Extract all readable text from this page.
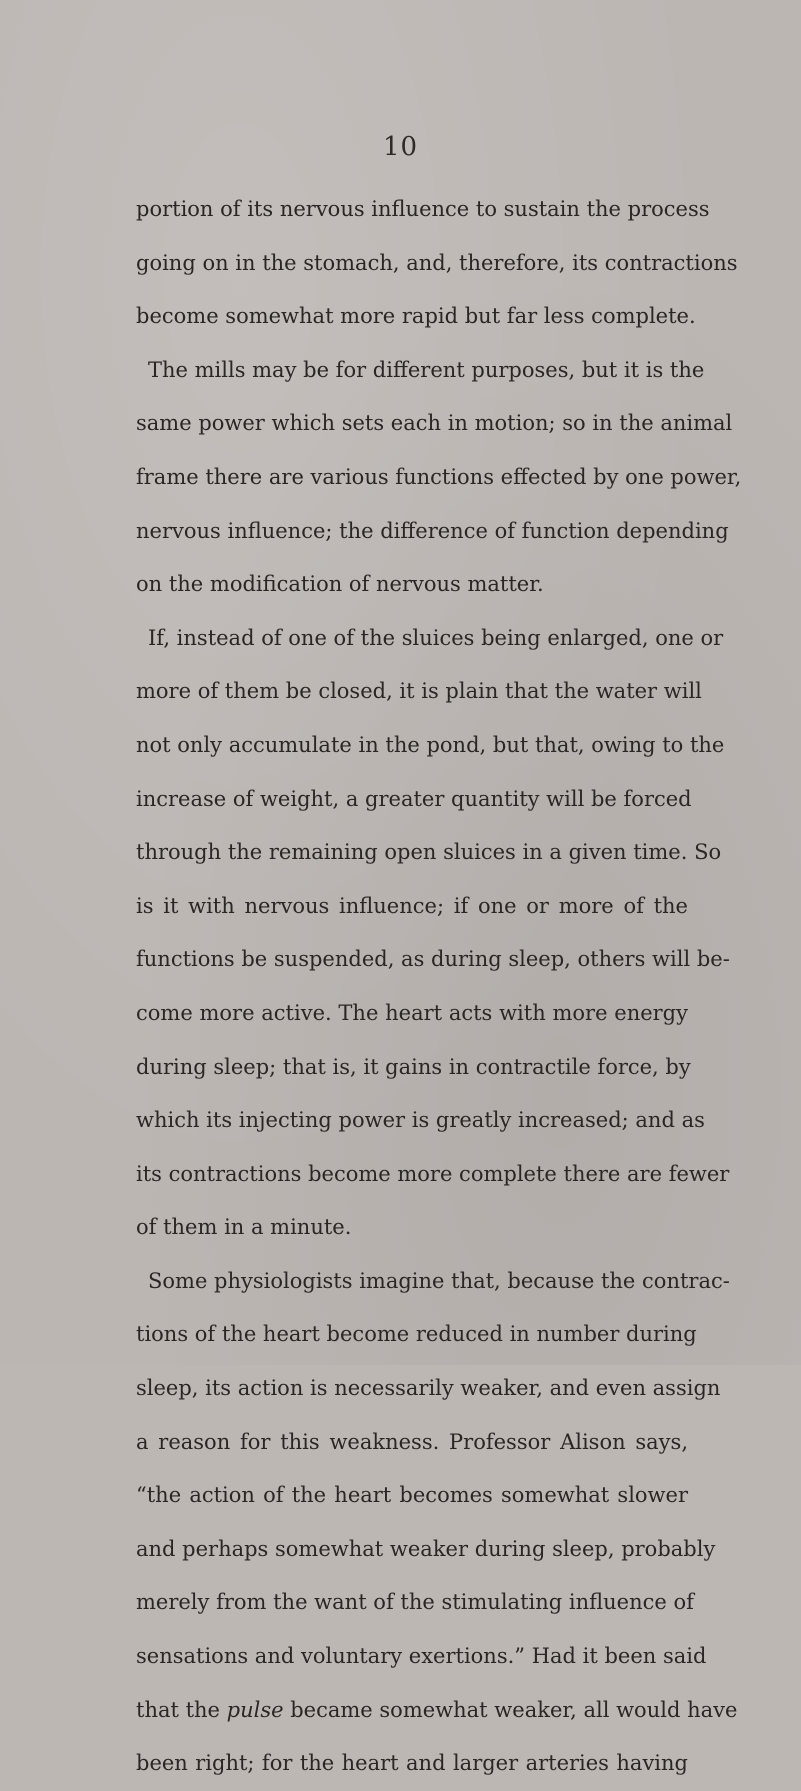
10
portion of its nervous influence to sustain the process
going on in the stomach, and, therefore, its contractions
become somewhat more rapid but far less complete.
The mills may be for different purposes, but it is the
same power which sets each in motion; so in the animal
frame there are various functions effected by one power,
nervous influence; the difference of function depending
on the modification of nervous matter.
If, instead of one of the sluices being enlarged, one or
more of them be closed, it is plain that the water will
not only accumulate in the pond, but that, owing to the
increase of weight, a greater quantity will be forced
through the remaining open sluices in a given time. So
is it with nervous influence; if one or more of the
functions be suspended, as during sleep, others will be-
come more active. The heart acts with more energy
during sleep; that is, it gains in contractile force, by
which its injecting power is greatly increased; and as
its contractions become more complete there are fewer
of them in a minute.
Some physiologists imagine that, because the contrac-
tions of the heart become reduced in number during
sleep, its action is necessarily weaker, and even assign
a reason for this weakness. Professor Alison says,
“the action of the heart becomes somewhat slower
and perhaps somewhat weaker during sleep, probably
merely from the want of the stimulating influence of
sensations and voluntary exertions.” Had it been said
that the pulse became somewhat weaker, all would have
been right; for the heart and larger arteries having
